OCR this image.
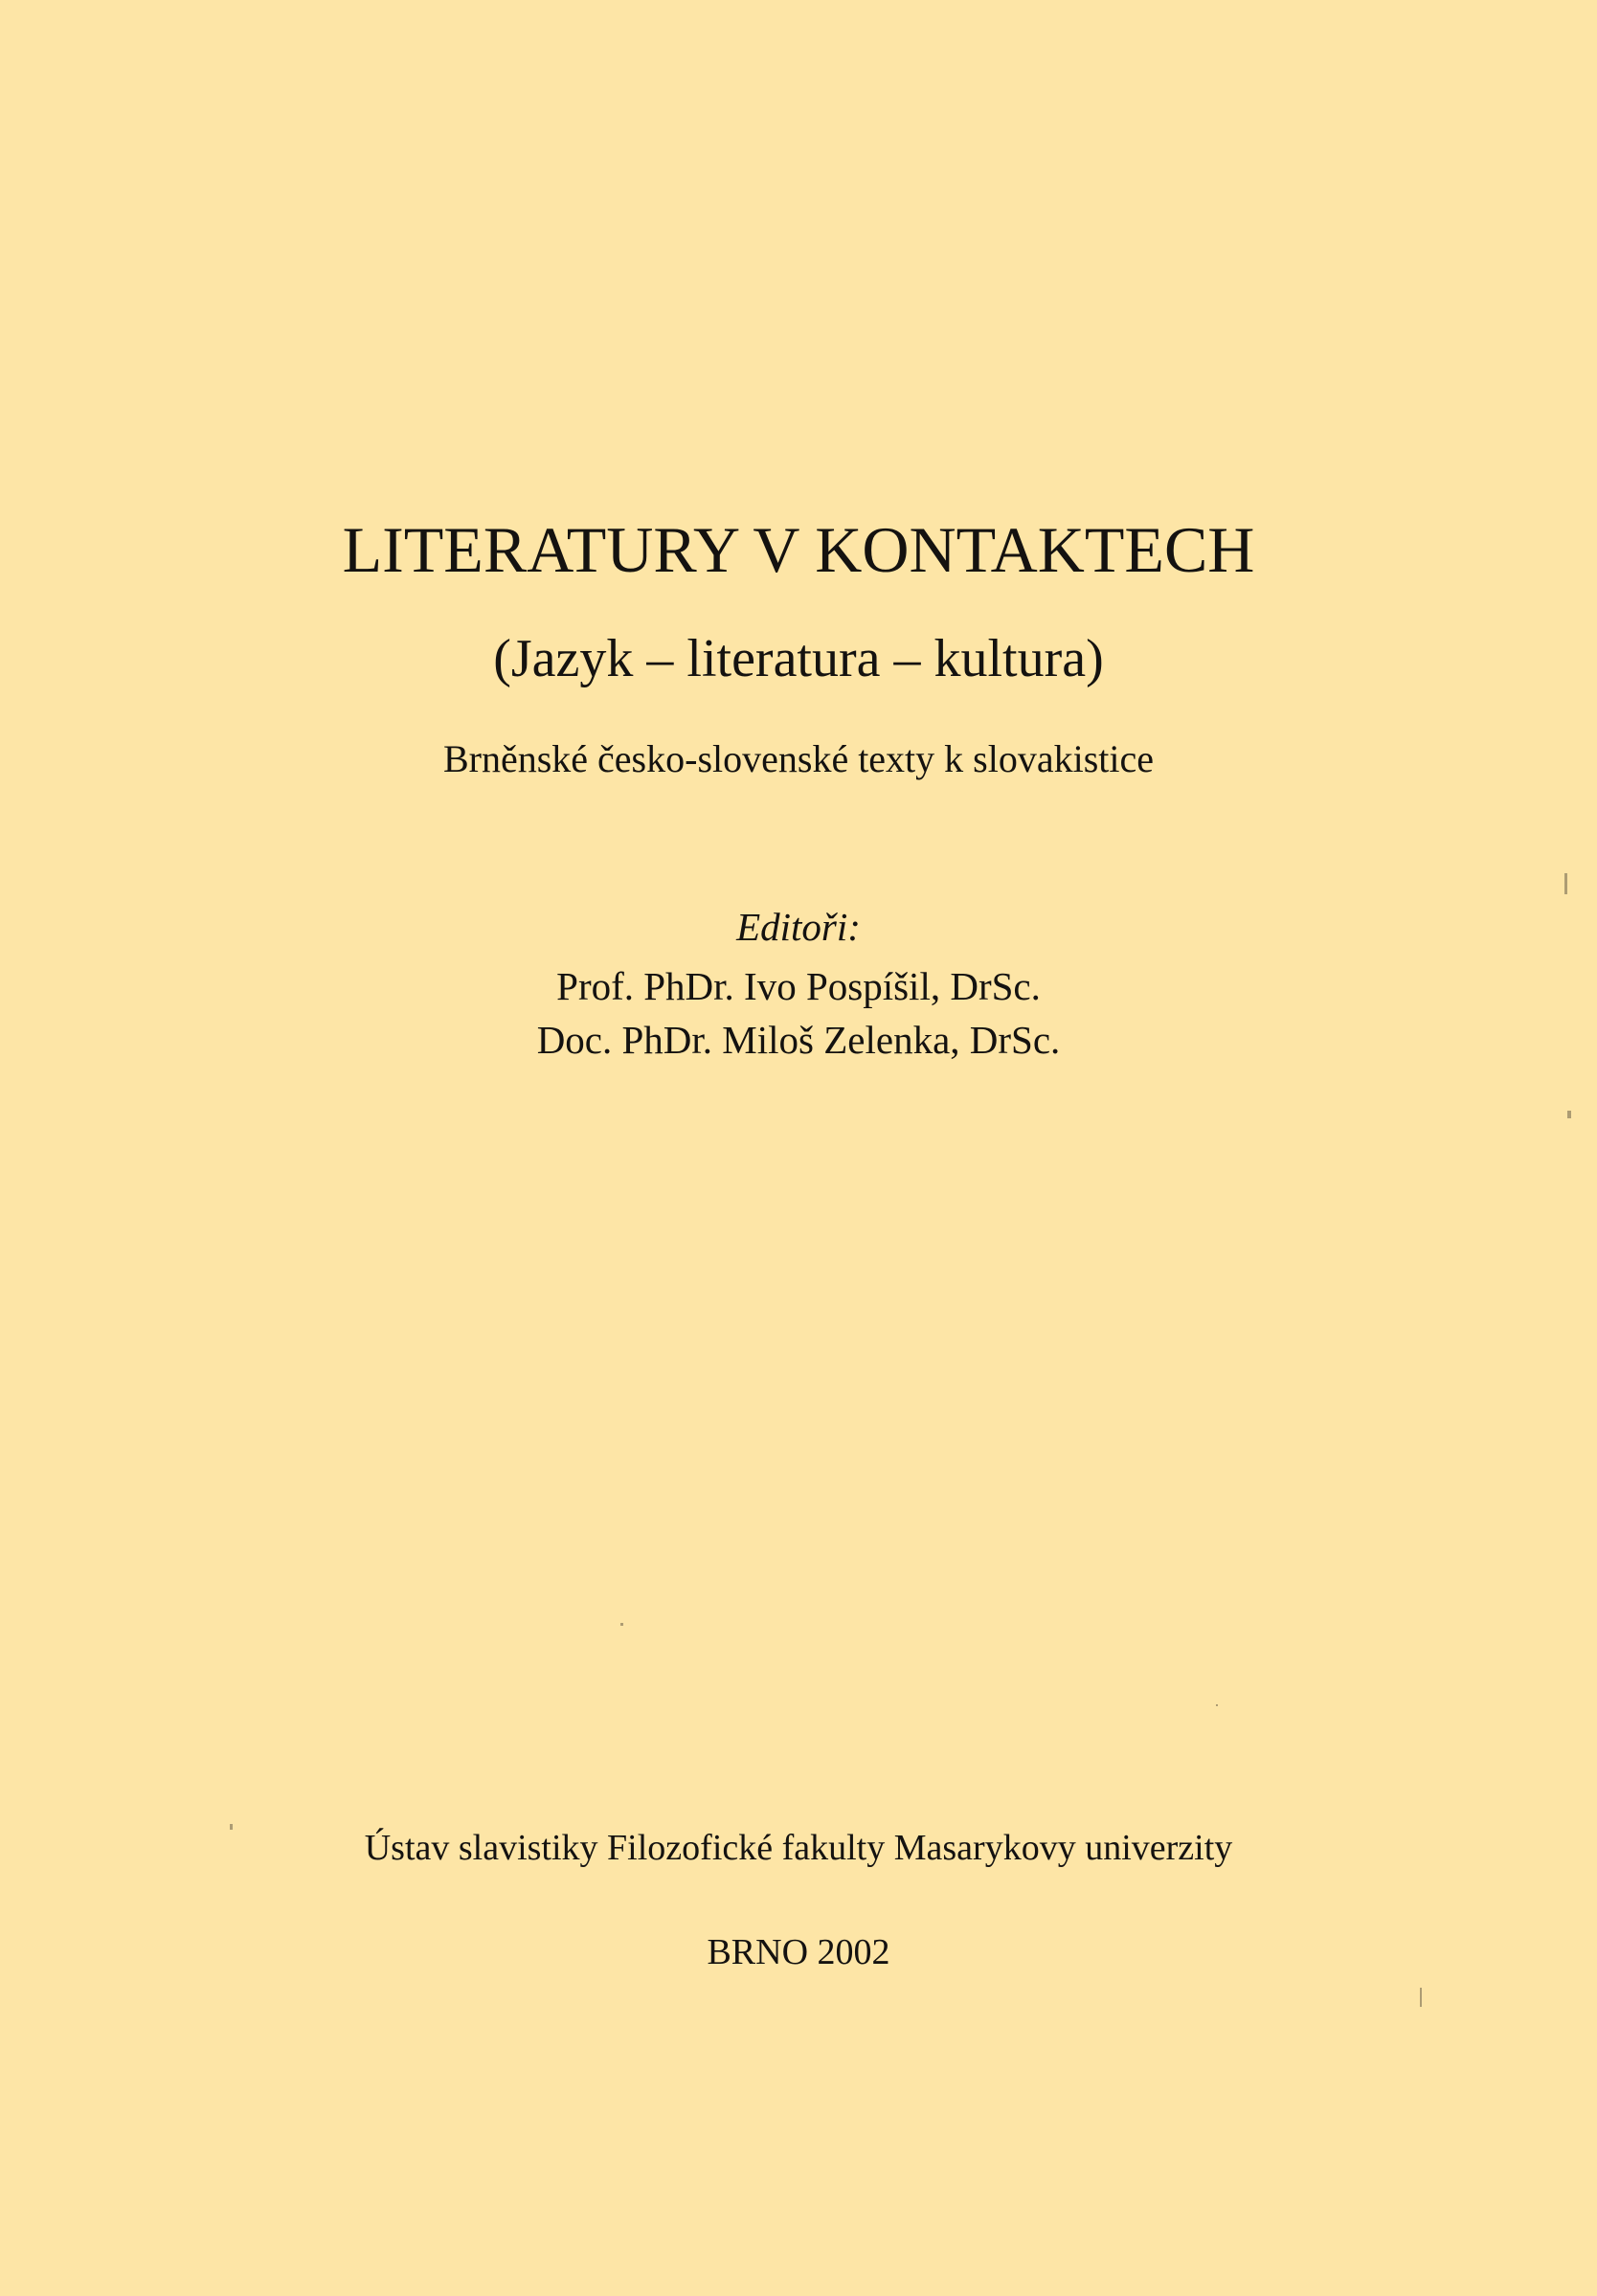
LITERATURY V KONTAKTECH
(Jazyk – literatura – kultura)
Brněnské česko-slovenské texty k slovakistice
Editoři:
Prof. PhDr. Ivo Pospíšil, DrSc.
Doc. PhDr. Miloš Zelenka, DrSc.
Ústav slavistiky Filozofické fakulty Masarykovy univerzity
BRNO 2002
